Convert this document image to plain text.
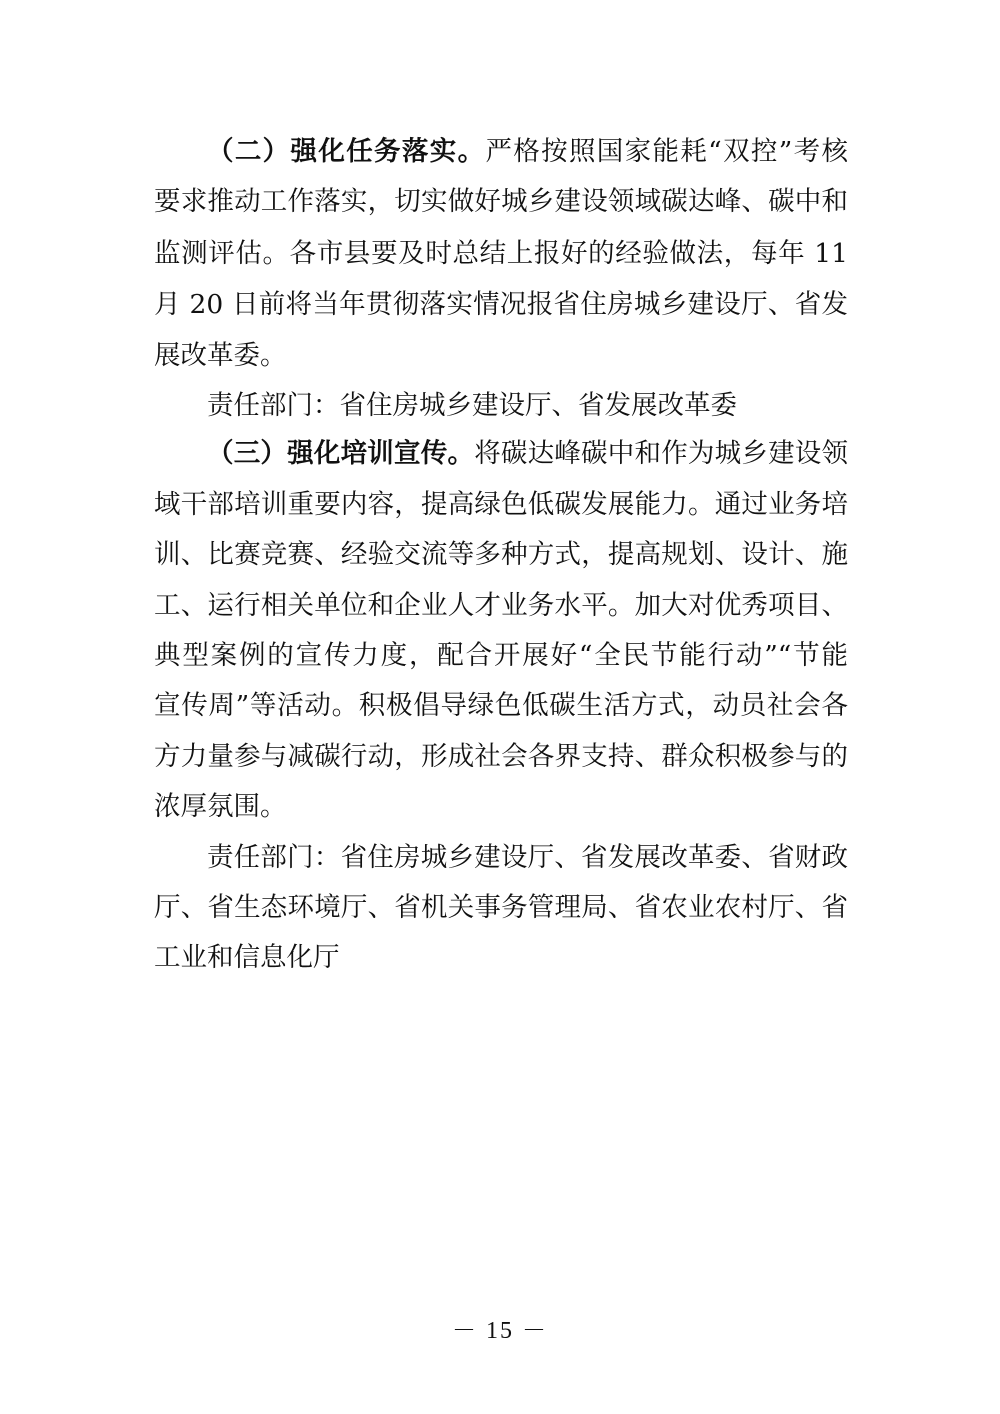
（二）强化任务落实。严格按照国家能耗“双控”考核
要求推动工作落实，切实做好城乡建设领域碳达峰、碳中和
监测评估。各市县要及时总结上报好的经验做法，每年 11
月 20 日前将当年贯彻落实情况报省住房城乡建设厅、省发
展改革委。
责任部门：省住房城乡建设厅、省发展改革委
（三）强化培训宣传。将碳达峰碳中和作为城乡建设领
域干部培训重要内容，提高绿色低碳发展能力。通过业务培
训、比赛竞赛、经验交流等多种方式，提高规划、设计、施
工、运行相关单位和企业人才业务水平。加大对优秀项目、
典型案例的宣传力度，配合开展好“全民节能行动”“节能
宣传周”等活动。积极倡导绿色低碳生活方式，动员社会各
方力量参与减碳行动，形成社会各界支持、群众积极参与的
浓厚氛围。
责任部门：省住房城乡建设厅、省发展改革委、省财政
厅、省生态环境厅、省机关事务管理局、省农业农村厅、省
工业和信息化厅
－ 15 －
